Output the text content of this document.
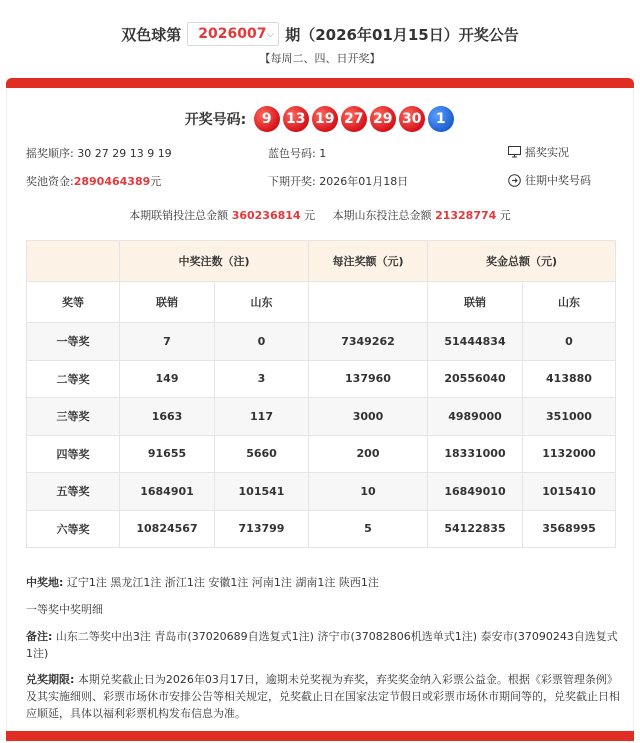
双色球第 2026007 ⌵ 期（2026年01月15日）开奖公告
【每周二、四、日开奖】
开奖号码:	9	13 19 27 29 30	1
摇奖顺序: 30 27 29 13 9 19	蓝色号码: 1	摇奖实况
奖池资金:2890464389元	下期开奖: 2026年01月18日	往期中奖号码
本期联销投注总金额 360236814 元 本期山东投注总金额 21328774 元
	中奖注数（注)		每注奖额（元)	奖金总额（元)	
奖等	联销	山东		联销	山东
一等奖	7	0	7349262	51444834	0
二等奖	149	3	137960	20556040	413880
三等奖	1663	117	3000	4989000	351000
四等奖	91655	5660	200	18331000	1132000
五等奖	1684901	101541	10	16849010	1015410
六等奖	10824567	713799	5	54122835	3568995
中奖地: 辽宁1注 黑龙江1注 浙江1注 安徽1注 河南1注 湖南1注 陕西1注
一等奖中奖明细
备注: 山东二等奖中出3注 青岛市(37020689自选复式1注) 济宁市(37082806机选单式1注) 泰安市(37090243自选复式1注)
兑奖期限: 本期兑奖截止日为2026年03月17日，逾期未兑奖视为弃奖，弃奖奖金纳入彩票公益金。根据《彩票管理条例》及其实施细则、彩票市场休市安排公告等相关规定，兑奖截止日在国家法定节假日或彩票市场休市期间等的，兑奖截止日相应顺延，具体以福利彩票机构发布信息为准。
